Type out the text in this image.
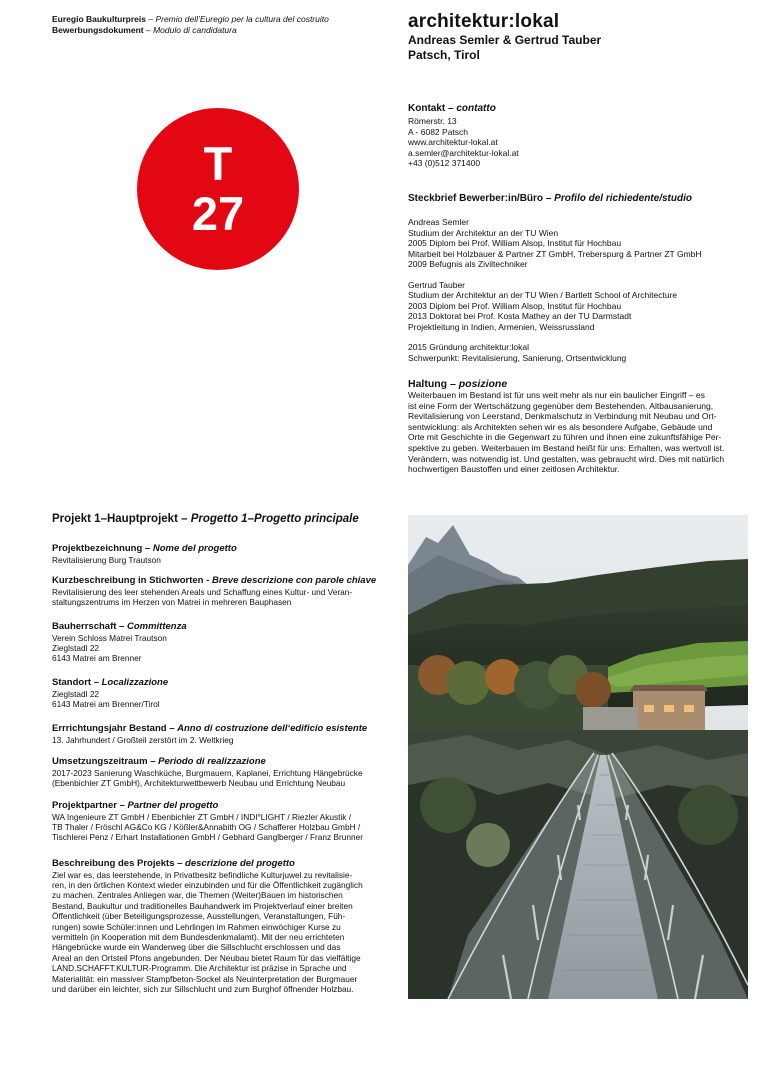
Euregio Baukulturpreis – Premio dell’Euregio per la cultura del costruito
Bewerbungsdokument – Modulo di candidatura	architektur:lokal
Andreas Semler & Gertrud Tauber
Patsch, Tirol
T
27
Kontakt – contatto
Römerstr. 13
A - 6082 Patsch
www.architektur-lokal.at
a.semler@architektur-lokal.at
+43 (0)512 371400
Steckbrief Bewerber:in/Büro – Profilo del richiedente/studio
Andreas Semler
Studium der Architektur an der TU Wien
2005 Diplom bei Prof. William Alsop, Institut für Hochbau
Mitarbeit bei Holzbauer & Partner ZT GmbH, Treberspurg & Partner ZT GmbH
2009 Befugnis als Ziviltechniker
Gertrud Tauber
Studium der Architektur an der TU Wien / Bartlett School of Architecture
2003 Diplom bei Prof. William Alsop, Institut für Hochbau
2013 Doktorat bei Prof. Kosta Mathey an der TU Darmstadt
Projektleitung in Indien, Armenien, Weissrussland
2015 Gründung architektur:lokal
Schwerpunkt: Revitalisierung, Sanierung, Ortsentwicklung
Haltung – posizione
Weiterbauen im Bestand ist für uns weit mehr als nur ein baulicher Eingriff – es
ist eine Form der Wertschätzung gegenüber dem Bestehenden. Altbausanierung,
Revitalisierung von Leerstand, Denkmalschutz in Verbindung mit Neubau und Ort-
sentwicklung: als Architekten sehen wir es als besondere Aufgabe, Gebäude und
Orte mit Geschichte in die Gegenwart zu führen und ihnen eine zukunftsfähige Per-
spektive zu geben. Weiterbauen im Bestand heißt für uns: Erhalten, was wertvoll ist.
Verändern, was notwendig ist. Und gestalten, was gebraucht wird. Dies mit natürlich
hochwertigen Baustoffen und einer zeitlosen Architektur.
Projekt 1–Hauptprojekt – Progetto 1–Progetto principale
Projektbezeichnung – Nome del progetto
Revitalisierung Burg Trautson
Kurzbeschreibung in Stichworten - Breve descrizione con parole chiave
Revitalisierung des leer stehenden Areals und Schaffung eines Kultur- und Veran-
staltungszentrums im Herzen von Matrei in mehreren Bauphasen
Bauherrschaft – Committenza
Verein Schloss Matrei Trautson
Zieglstadl 22
6143 Matrei am Brenner
Standort – Localizzazione
Zieglstadl 22
6143 Matrei am Brenner/Tirol
Errrichtungsjahr Bestand – Anno di costruzione dell‘edificio esistente
13. Jahrhundert / Großteil zerstört im 2. Weltkrieg
Umsetzungszeitraum – Periodo di realizzazione
2017-2023 Sanierung Waschküche, Burgmauern, Kaplanei, Errichtung Hängebrücke
(Ebenbichler ZT GmbH), Architekturwettbewerb Neubau und Errichtung Neubau
Projektpartner – Partner del progetto
WA Ingenieure ZT GmbH / Ebenbichler ZT GmbH / INDI°LIGHT / Riezler Akustik /
TB Thaler / Fröschl AG&Co KG / Kößler&Annabith OG / Schafferer Holzbau GmbH /
Tischlerei Penz / Erhart Installationen GmbH / Gebhard Ganglberger / Franz Brunner
Beschreibung des Projekts – descrizione del progetto
Ziel war es, das leerstehende, in Privatbesitz befindliche Kulturjuwel zu revitalisie-
ren, in den örtlichen Kontext wieder einzubinden und für die Öffentlichkeit zugänglich
zu machen. Zentrales Anliegen war, die Themen (Weiter)Bauen im historischen
Bestand, Baukultur und traditionelles Bauhandwerk im Projektverlauf einer breiten
Öffentlichkeit (über Beteiligungsprozesse, Ausstellungen, Veranstaltungen, Füh-
rungen) sowie Schüler:innen und Lehrlingen im Rahmen einwöchiger Kurse zu
vermitteln (in Kooperation mit dem Bundesdenkmalamt). Mit der neu errichteten
Hängebrücke wurde ein Wanderweg über die Sillschlucht erschlossen und das
Areal an den Ortsteil Pfons angebunden. Der Neubau bietet Raum für das vielfältige
LAND.SCHAFFT.KULTUR-Programm. Die Architektur ist präzise in Sprache und
Materialität: ein massiver Stampfbeton-Sockel als Neuinterpretation der Burgmauer
und darüber ein leichter, sich zur Sillschlucht und zum Burghof öffnender Holzbau.
